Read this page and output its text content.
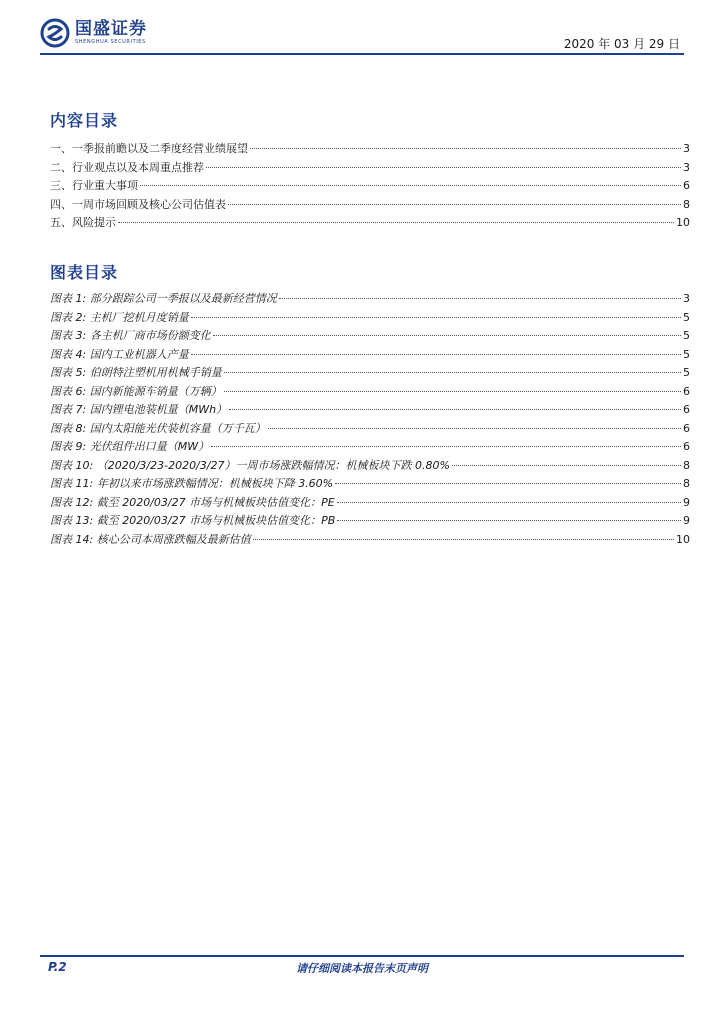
国盛证券
SHENGHUA SECURITIES	2020 年 03 月 29 日
内容目录
一、一季报前瞻以及二季度经营业绩展望	3
二、行业观点以及本周重点推荐	3
三、行业重大事项	6
四、一周市场回顾及核心公司估值表	8
五、风险提示	10
图表目录
图表 1: 部分跟踪公司一季报以及最新经营情况	3
图表 2: 主机厂挖机月度销量	5
图表 3: 各主机厂商市场份额变化	5
图表 4: 国内工业机器人产量	5
图表 5: 伯朗特注塑机用机械手销量	5
图表 6: 国内新能源车销量（万辆）	6
图表 7: 国内锂电池装机量（MWh）	6
图表 8: 国内太阳能光伏装机容量（万千瓦）	6
图表 9: 光伏组件出口量（MW）	6
图表 10: （2020/3/23-2020/3/27）一周市场涨跌幅情况：机械板块下跌 0.80%	8
图表 11: 年初以来市场涨跌幅情况：机械板块下降 3.60%	8
图表 12: 截至 2020/03/27 市场与机械板块估值变化：PE	9
图表 13: 截至 2020/03/27 市场与机械板块估值变化：PB	9
图表 14: 核心公司本周涨跌幅及最新估值	10
P.2	请仔细阅读本报告末页声明
